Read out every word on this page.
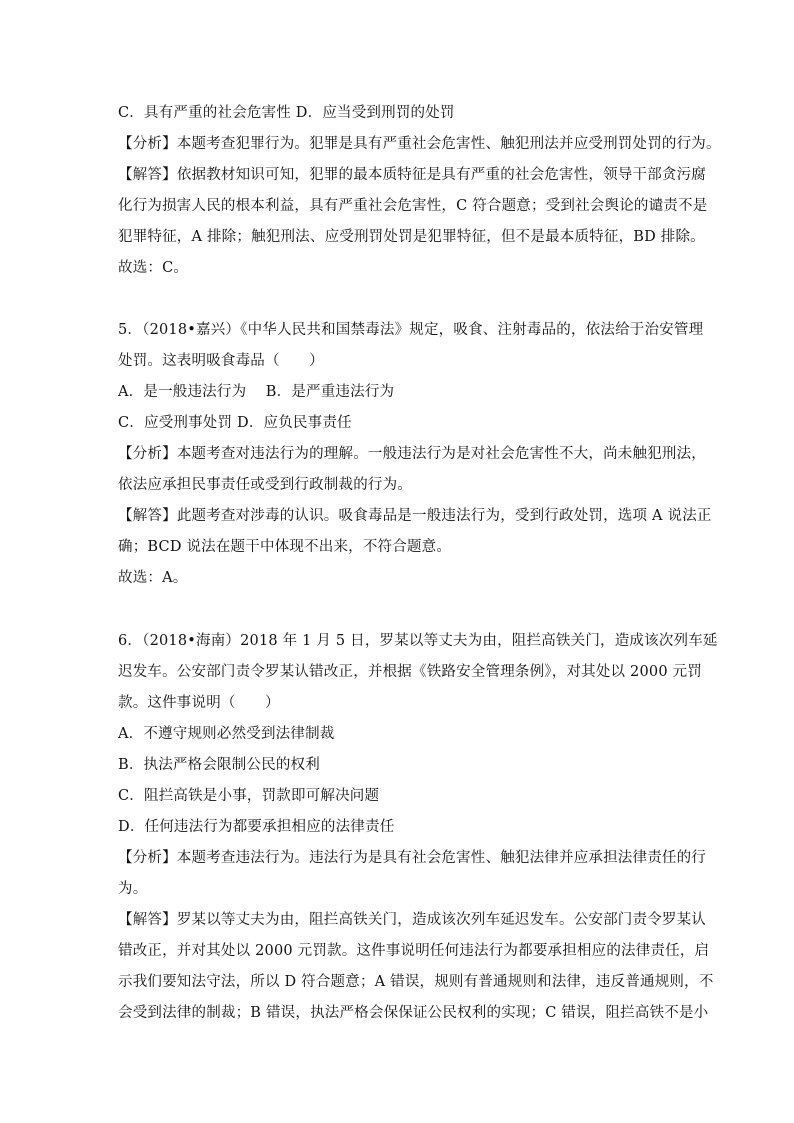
C．具有严重的社会危害性 D．应当受到刑罚的处罚
【分析】本题考查犯罪行为。犯罪是具有严重社会危害性、触犯刑法并应受刑罚处罚的行为。
【解答】依据教材知识可知，犯罪的最本质特征是具有严重的社会危害性，领导干部贪污腐
化行为损害人民的根本利益，具有严重社会危害性，C 符合题意；受到社会舆论的谴责不是
犯罪特征，A 排除；触犯刑法、应受刑罚处罚是犯罪特征，但不是最本质特征，BD 排除。
故选：C。
5．（2018•嘉兴）《中华人民共和国禁毒法》规定，吸食、注射毒品的，依法给于治安管理
处罚。这表明吸食毒品（　　）
A．是一般违法行为　 B．是严重违法行为
C．应受刑事处罚 D．应负民事责任
【分析】本题考查对违法行为的理解。一般违法行为是对社会危害性不大，尚未触犯刑法，
依法应承担民事责任或受到行政制裁的行为。
【解答】此题考查对涉毒的认识。吸食毒品是一般违法行为，受到行政处罚，选项 A 说法正
确；BCD 说法在题干中体现不出来，不符合题意。
故选：A。
6．（2018•海南）2018 年 1 月 5 日，罗某以等丈夫为由，阻拦高铁关门，造成该次列车延
迟发车。公安部门责令罗某认错改正，并根据《铁路安全管理条例》，对其处以 2000 元罚
款。这件事说明（　　）
A．不遵守规则必然受到法律制裁
B．执法严格会限制公民的权利
C．阻拦高铁是小事，罚款即可解决问题
D．任何违法行为都要承担相应的法律责任
【分析】本题考查违法行为。违法行为是具有社会危害性、触犯法律并应承担法律责任的行
为。
【解答】罗某以等丈夫为由，阻拦高铁关门，造成该次列车延迟发车。公安部门责令罗某认
错改正，并对其处以 2000 元罚款。这件事说明任何违法行为都要承担相应的法律责任，启
示我们要知法守法，所以 D 符合题意；A 错误，规则有普通规则和法律，违反普通规则，不
会受到法律的制裁；B 错误，执法严格会保保证公民权利的实现；C 错误，阻拦高铁不是小
